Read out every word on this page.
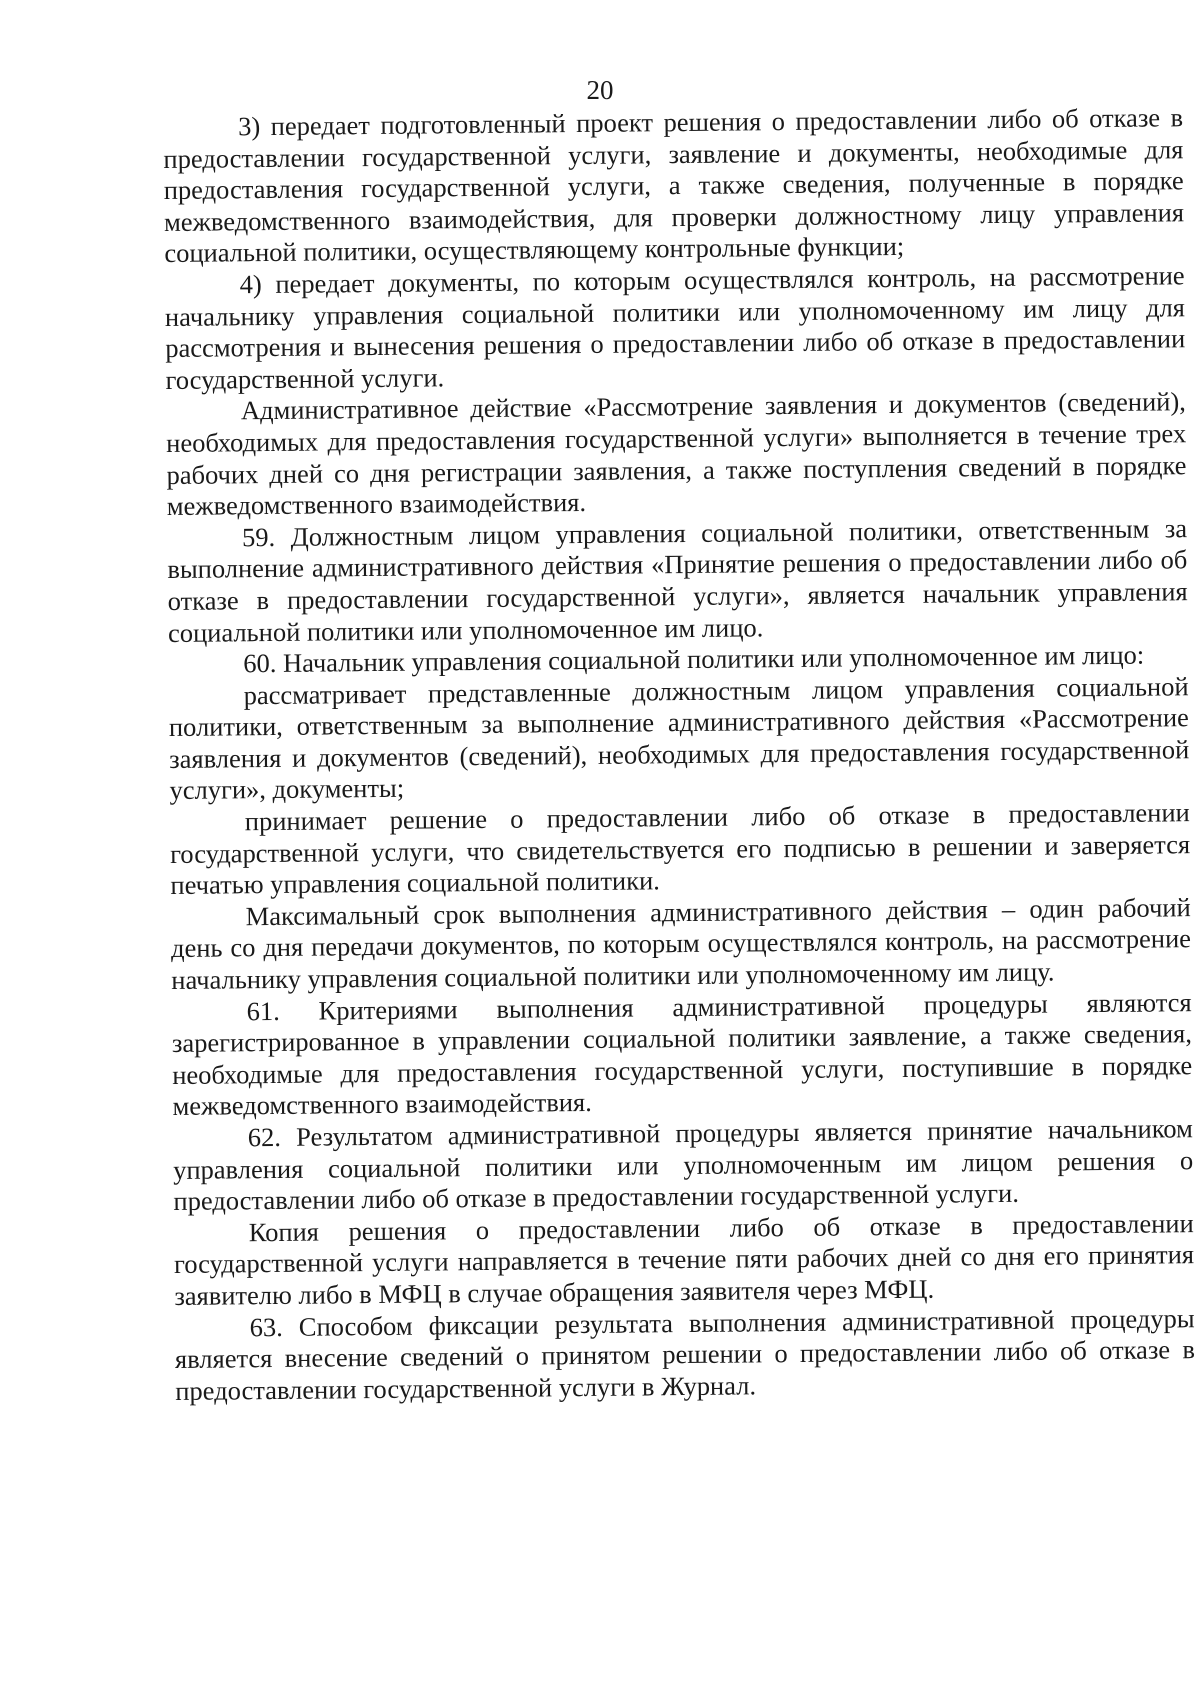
20

3) передает подготовленный проект решения о предоставлении либо об отказе в предоставлении государственной услуги, заявление и документы, необходимые для предоставления государственной услуги, а также сведения, полученные в порядке межведомственного взаимодействия, для проверки должностному лицу управления социальной политики, осуществляющему контрольные функции;

4) передает документы, по которым осуществлялся контроль, на рассмотрение начальнику управления социальной политики или уполномоченному им лицу для рассмотрения и вынесения решения о предоставлении либо об отказе в предоставлении государственной услуги.

Административное действие «Рассмотрение заявления и документов (сведений), необходимых для предоставления государственной услуги» выполняется в течение трех рабочих дней со дня регистрации заявления, а также поступления сведений в порядке межведомственного взаимодействия.

59. Должностным лицом управления социальной политики, ответственным за выполнение административного действия «Принятие решения о предоставлении либо об отказе в предоставлении государственной услуги», является начальник управления социальной политики или уполномоченное им лицо.

60. Начальник управления социальной политики или уполномоченное им лицо:

рассматривает представленные должностным лицом управления социальной политики, ответственным за выполнение административного действия «Рассмотрение заявления и документов (сведений), необходимых для предоставления государственной услуги», документы;

принимает решение о предоставлении либо об отказе в предоставлении государственной услуги, что свидетельствуется его подписью в решении и заверяется печатью управления социальной политики.

Максимальный срок выполнения административного действия – один рабочий день со дня передачи документов, по которым осуществлялся контроль, на рассмотрение начальнику управления социальной политики или уполномоченному им лицу.

61. Критериями выполнения административной процедуры являются зарегистрированное в управлении социальной политики заявление, а также сведения, необходимые для предоставления государственной услуги, поступившие в порядке межведомственного взаимодействия.

62. Результатом административной процедуры является принятие начальником управления социальной политики или уполномоченным им лицом решения о предоставлении либо об отказе в предоставлении государственной услуги.

Копия решения о предоставлении либо об отказе в предоставлении государственной услуги направляется в течение пяти рабочих дней со дня его принятия заявителю либо в МФЦ в случае обращения заявителя через МФЦ.

63. Способом фиксации результата выполнения административной процедуры является внесение сведений о принятом решении о предоставлении либо об отказе в предоставлении государственной услуги в Журнал.
